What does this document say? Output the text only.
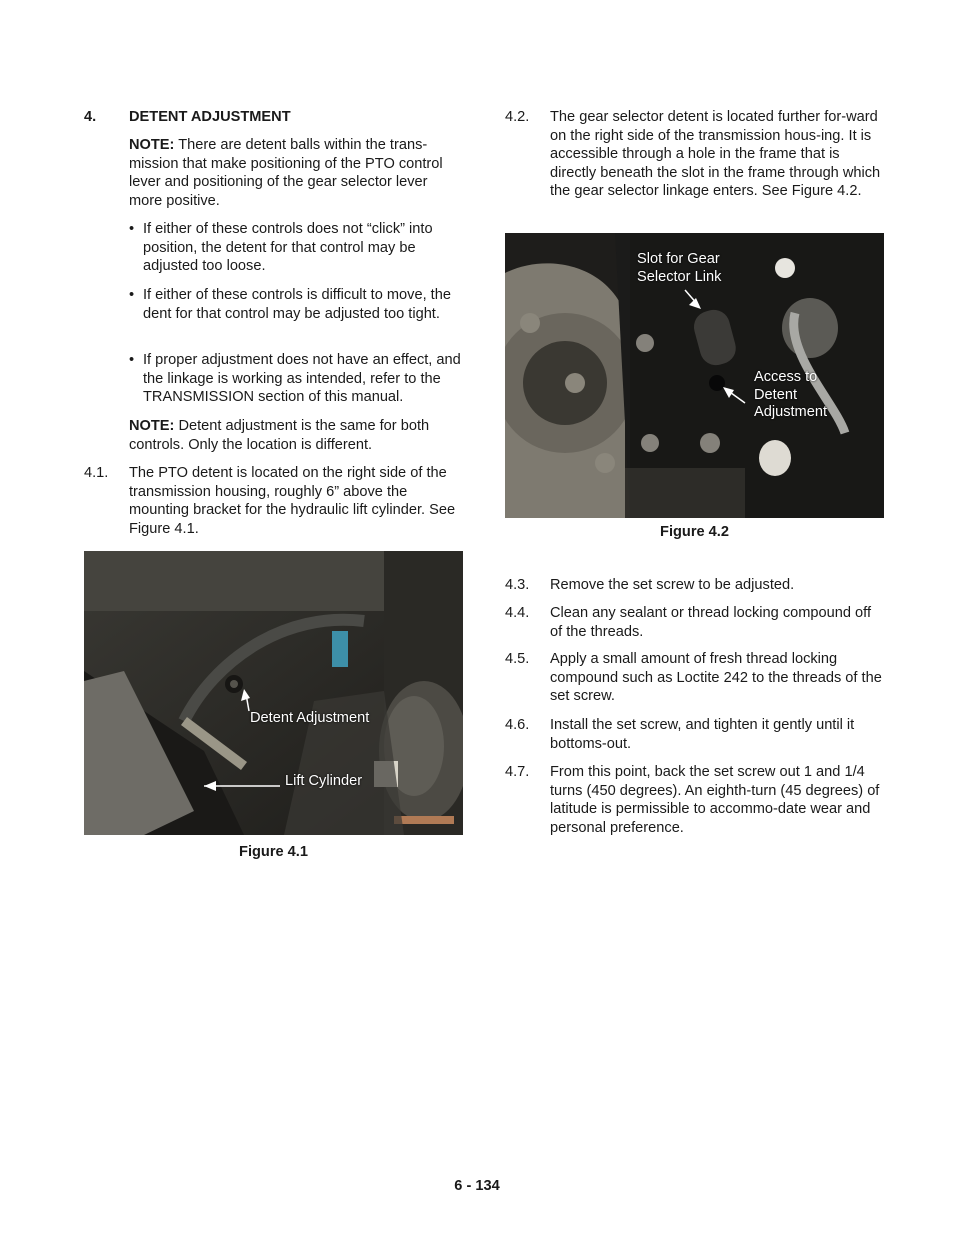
4. DETENT ADJUSTMENT
NOTE: There are detent balls within the trans-mission that make positioning of the PTO control lever and positioning of the gear selector lever more positive.
• If either of these controls does not “click” into position, the detent for that control may be adjusted too loose.
• If either of these controls is difficult to move, the dent for that control may be adjusted too tight.
• If proper adjustment does not have an effect, and the linkage is working as intended, refer to the TRANSMISSION section of this manual.
NOTE: Detent adjustment is the same for both controls. Only the location is different.
4.1. The PTO detent is located on the right side of the transmission housing, roughly 6” above the mounting bracket for the hydraulic lift cylinder. See Figure 4.1.
Detent Adjustment
Lift Cylinder
Figure 4.1
4.2. The gear selector detent is located further for-ward on the right side of the transmission hous-ing. It is accessible through a hole in the frame that is directly beneath the slot in the frame through which the gear selector linkage enters. See Figure 4.2.
Slot for Gear Selector Link
Access to Detent Adjustment
Figure 4.2
4.3. Remove the set screw to be adjusted.
4.4. Clean any sealant or thread locking compound off of the threads.
4.5. Apply a small amount of fresh thread locking compound such as Loctite 242 to the threads of the set screw.
4.6. Install the set screw, and tighten it gently until it bottoms-out.
4.7. From this point, back the set screw out 1 and 1/4 turns (450 degrees). An eighth-turn (45 degrees) of latitude is permissible to accommo-date wear and personal preference.
6 - 134
